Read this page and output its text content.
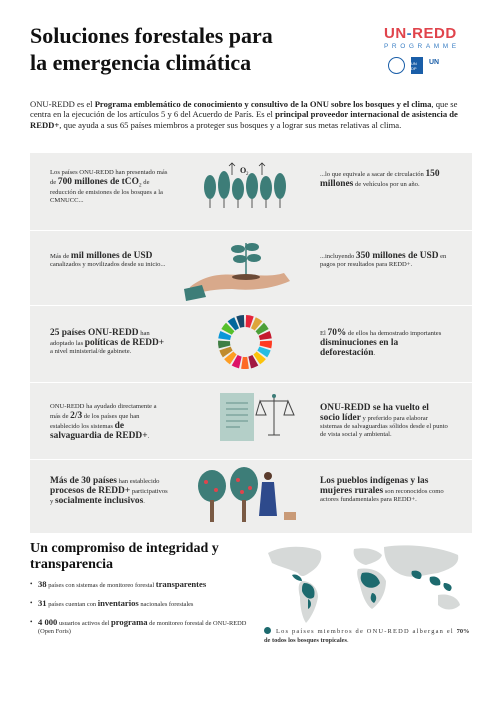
Soluciones forestales para
la emergencia climática
UN-REDD
PROGRAMME
UN DP
UN
ONU-REDD es el Programa emblemático de conocimiento y consultivo de la ONU sobre los bosques y el clima, que se centra en la ejecución de los artículos 5 y 6 del Acuerdo de París. Es el principal proveedor internacional de asistencia de REDD+, que ayuda a sus 65 países miembros a proteger sus bosques y a lograr sus metas relativas al clima.
Los países ONU-REDD han presentado más de 700 millones de tCO$_2$ de reducción de emisiones de los bosques a la CMNUCC...
O 2	...lo que equivale a sacar de circulación 150 millones de vehículos por un año.
Más de mil millones de USD canalizados y movilizados desde su inicio...
...incluyendo 350 millones de USD en pagos por resultados para REDD+.
25 países ONU-REDD han adoptado las políticas de REDD+ a nivel ministerial/de gabinete.
El 70% de ellos ha demostrado importantes disminuciones en la deforestación.
ONU-REDD ha ayudado directamente a más de 2/3 de los países que han establecido los sistemas de salvaguardia de REDD+.
ONU-REDD se ha vuelto el socio líder y preferido para elaborar sistemas de salvaguardias sólidos desde el punto de vista social y ambiental.
Más de 30 países han establecido procesos de REDD+ participativos y socialmente inclusivos.
Los pueblos indígenas y las mujeres rurales son reconocidos como actores fundamentales para REDD+.
Un compromiso de integridad y transparencia
• 38 países con sistemas de monitoreo forestal transparentes
• 31 países cuentan con inventarios nacionales forestales
• 4 000 usuarios activos del programa de monitoreo forestal de ONU-REDD (Open Foris)	Los países miembros de ONU-REDD albergan el 70% de todos los bosques tropicales.
